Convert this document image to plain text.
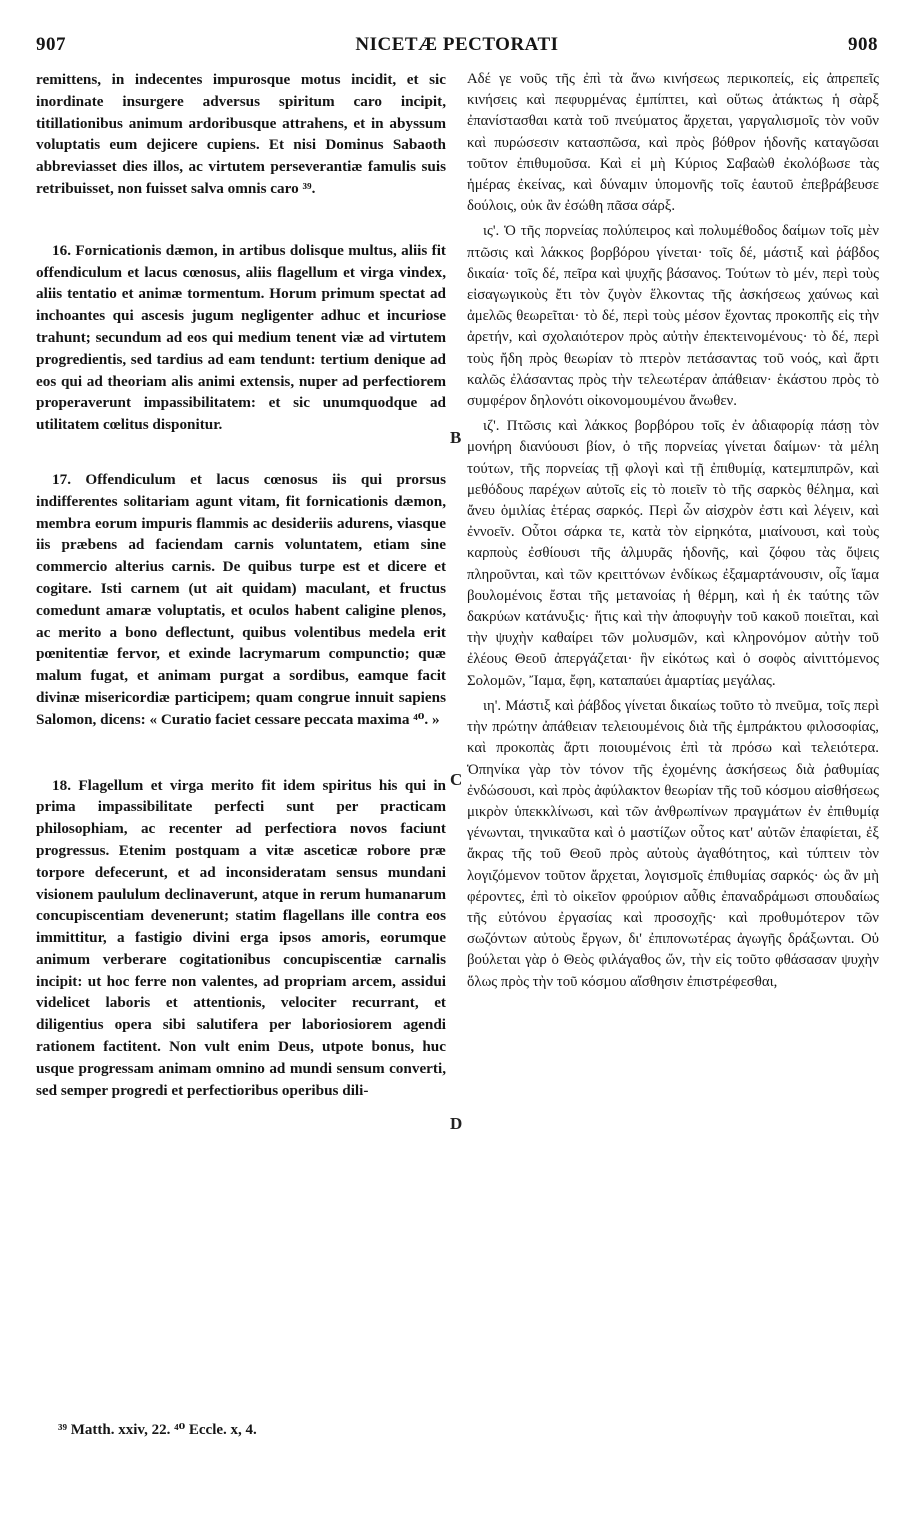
907	NICETÆ PECTORATI	908

remittens, in indecentes impurosque motus incidit, et sic inordinate insurgere adversus spiritum caro incipit, titillationibus animum ardoribusque attrahens, et in abyssum voluptatis eum dejicere cupiens. Et nisi Dominus Sabaoth abbreviasset dies illos, ac virtutem perseverantiæ famulis suis retribuisset, non fuisset salva omnis caro ³⁹.

16. Fornicationis dæmon, in artibus dolisque multus, aliis fit offendiculum et lacus cœnosus, aliis flagellum et virga vindex, aliis tentatio et animæ tormentum. Horum primum spectat ad inchoantes qui ascesis jugum negligenter adhuc et incuriose trahunt; secundum ad eos qui medium tenent viæ ad virtutem progredientis, sed tardius ad eam tendunt: tertium denique ad eos qui ad theoriam alis animi extensis, nuper ad perfectiorem properaverunt impassibilitatem: et sic unumquodque ad utilitatem cœlitus disponitur.

17. Offendiculum et lacus cœnosus iis qui prorsus indifferentes solitariam agunt vitam, fit fornicationis dæmon, membra eorum impuris flammis ac desideriis adurens, viasque iis præbens ad faciendam carnis voluntatem, etiam sine commercio alterius carnis. De quibus turpe est et dicere et cogitare. Isti carnem (ut ait quidam) maculant, et fructus comedunt amaræ voluptatis, et oculos habent caligine plenos, ac merito a bono deflectunt, quibus volentibus medela erit pœnitentiæ fervor, et exinde lacrymarum compunctio; quæ malum fugat, et animam purgat a sordibus, eamque facit divinæ misericordiæ participem; quam congrue innuit sapiens Salomon, dicens: « Curatio faciet cessare peccata maxima ⁴⁰. »

18. Flagellum et virga merito fit idem spiritus his qui in prima impassibilitate perfecti sunt per practicam philosophiam, ac recenter ad perfectiora novos faciunt progressus. Etenim postquam a vitæ asceticæ robore præ torpore defecerunt, et ad inconsideratam sensus mundani visionem paululum declinaverunt, atque in rerum humanarum concupiscentiam devenerunt; statim flagellans ille contra eos immittitur, a fastigio divini erga ipsos amoris, eorumque animum verberare cogitationibus concupiscentiæ carnalis incipit: ut hoc ferre non valentes, ad propriam arcem, assidui videlicet laboris et attentionis, velociter recurrant, et diligentius opera sibi salutifera per laboriosiorem agendi rationem factitent. Non vult enim Deus, utpote bonus, huc usque progressam animam omnino ad mundi sensum converti, sed semper progredi et perfectioribus operibus dili-

Αδέ γε νοῦς τῆς ἐπὶ τὰ ἄνω κινήσεως περικοπείς, εἰς ἀπρεπεῖς κινήσεις καὶ πεφυρμένας ἐμπίπτει, καὶ οὕτως ἀτάκτως ἡ σὰρξ ἐπανίστασθαι κατὰ τοῦ πνεύματος ἄρχεται, γαργαλισμοῖς τὸν νοῦν καὶ πυρώσεσιν κατασπῶσα, καὶ πρὸς βόθρον ἡδονῆς καταγῶσαι τοῦτον ἐπιθυμοῦσα. Καὶ εἰ μὴ Κύριος Σαβαὼθ ἐκολόβωσε τὰς ἡμέρας ἐκείνας, καὶ δύναμιν ὑπομονῆς τοῖς ἑαυτοῦ ἐπεβράβευσε δούλοις, οὐκ ἂν ἐσώθη πᾶσα σάρξ.

ις'. Ὁ τῆς πορνείας πολύπειρος καὶ πολυμέθοδος δαίμων τοῖς μὲν πτῶσις καὶ λάκκος βορβόρου γίνεται· τοῖς δέ, μάστιξ καὶ ῥάβδος δικαία· τοῖς δέ, πεῖρα καὶ ψυχῆς βάσανος. Τούτων τὸ μέν, περὶ τοὺς εἰσαγωγικοὺς ἔτι τὸν ζυγὸν ἕλκοντας τῆς ἀσκήσεως χαύνως καὶ ἀμελῶς θεωρεῖται· τὸ δέ, περὶ τοὺς μέσον ἔχοντας προκοπῆς εἰς τὴν ἀρετήν, καὶ σχολαιότερον πρὸς αὐτὴν ἐπεκτεινομένους· τὸ δέ, περὶ τοὺς ἤδη πρὸς θεωρίαν τὸ πτερὸν πετάσαντας τοῦ νοός, καὶ ἄρτι καλῶς ἐλάσαντας πρὸς τὴν τελεωτέραν ἀπάθειαν· ἑκάστου πρὸς τὸ συμφέρον δηλονότι οἰκονομουμένου ἄνωθεν.

ιζ'. Πτῶσις καὶ λάκκος βορβόρου τοῖς ἐν ἀδιαφορίᾳ πάσῃ τὸν μονήρη διανύουσι βίον, ὁ τῆς πορνείας γίνεται δαίμων· τὰ μέλη τούτων, τῆς πορνείας τῇ φλογὶ καὶ τῇ ἐπιθυμίᾳ, κατεμπιπρῶν, καὶ μεθόδους παρέχων αὐτοῖς εἰς τὸ ποιεῖν τὸ τῆς σαρκὸς θέλημα, καὶ ἄνευ ὁμιλίας ἑτέρας σαρκός. Περὶ ὧν αἰσχρὸν ἐστι καὶ λέγειν, καὶ ἐννοεῖν. Οὗτοι σάρκα τε, κατὰ τὸν εἰρηκότα, μιαίνουσι, καὶ τοὺς καρποὺς ἐσθίουσι τῆς ἁλμυρᾶς ἡδονῆς, καὶ ζόφου τὰς ὄψεις πληροῦνται, καὶ τῶν κρειττόνων ἐνδίκως ἐξαμαρτάνουσιν, οἷς ἴαμα βουλομένοις ἔσται τῆς μετανοίας ἡ θέρμη, καὶ ἡ ἐκ ταύτης τῶν δακρύων κατάνυξις· ἥτις καὶ τὴν ἀποφυγὴν τοῦ κακοῦ ποιεῖται, καὶ τὴν ψυχὴν καθαίρει τῶν μολυσμῶν, καὶ κληρονόμον αὐτὴν τοῦ ἐλέους Θεοῦ ἀπεργάζεται· ἣν εἰκότως καὶ ὁ σοφὸς αἰνιττόμενος Σολομῶν, Ἴαμα, ἔφη, καταπαύει ἁμαρτίας μεγάλας.

ιη'. Μάστιξ καὶ ῥάβδος γίνεται δικαίως τοῦτο τὸ πνεῦμα, τοῖς περὶ τὴν πρώτην ἀπάθειαν τελειουμένοις διὰ τῆς ἐμπράκτου φιλοσοφίας, καὶ προκοπὰς ἄρτι ποιουμένοις ἐπὶ τὰ πρόσω καὶ τελειότερα. Ὁπηνίκα γὰρ τὸν τόνον τῆς ἐχομένης ἀσκήσεως διὰ ῥαθυμίας ἐνδώσουσι, καὶ πρὸς ἀφύλακτον θεωρίαν τῆς τοῦ κόσμου αἰσθήσεως μικρὸν ὑπεκκλίνωσι, καὶ τῶν ἀνθρωπίνων πραγμάτων ἐν ἐπιθυμίᾳ γένωνται, τηνικαῦτα καὶ ὁ μαστίζων οὗτος κατ' αὐτῶν ἐπαφίεται, ἐξ ἄκρας τῆς τοῦ Θεοῦ πρὸς αὐτοὺς ἀγαθότητος, καὶ τύπτειν τὸν λογιζόμενον τοῦτον ἄρχεται, λογισμοῖς ἐπιθυμίας σαρκός· ὡς ἂν μὴ φέροντες, ἐπὶ τὸ οἰκεῖον φρούριον αὖθις ἐπαναδράμωσι σπουδαίως τῆς εὐτόνου ἐργασίας καὶ προσοχῆς· καὶ προθυμότερον τῶν σωζόντων αὐτοὺς ἔργων, δι' ἐπιπονωτέρας ἀγωγῆς δράξωνται. Οὐ βούλεται γὰρ ὁ Θεὸς φιλάγαθος ὤν, τὴν εἰς τοῦτο φθάσασαν ψυχὴν ὅλως πρὸς τὴν τοῦ κόσμου αἴσθησιν ἐπιστρέφεσθαι,

B
C
D
³⁹ Matth. xxiv, 22. ⁴⁰ Eccle. x, 4.
